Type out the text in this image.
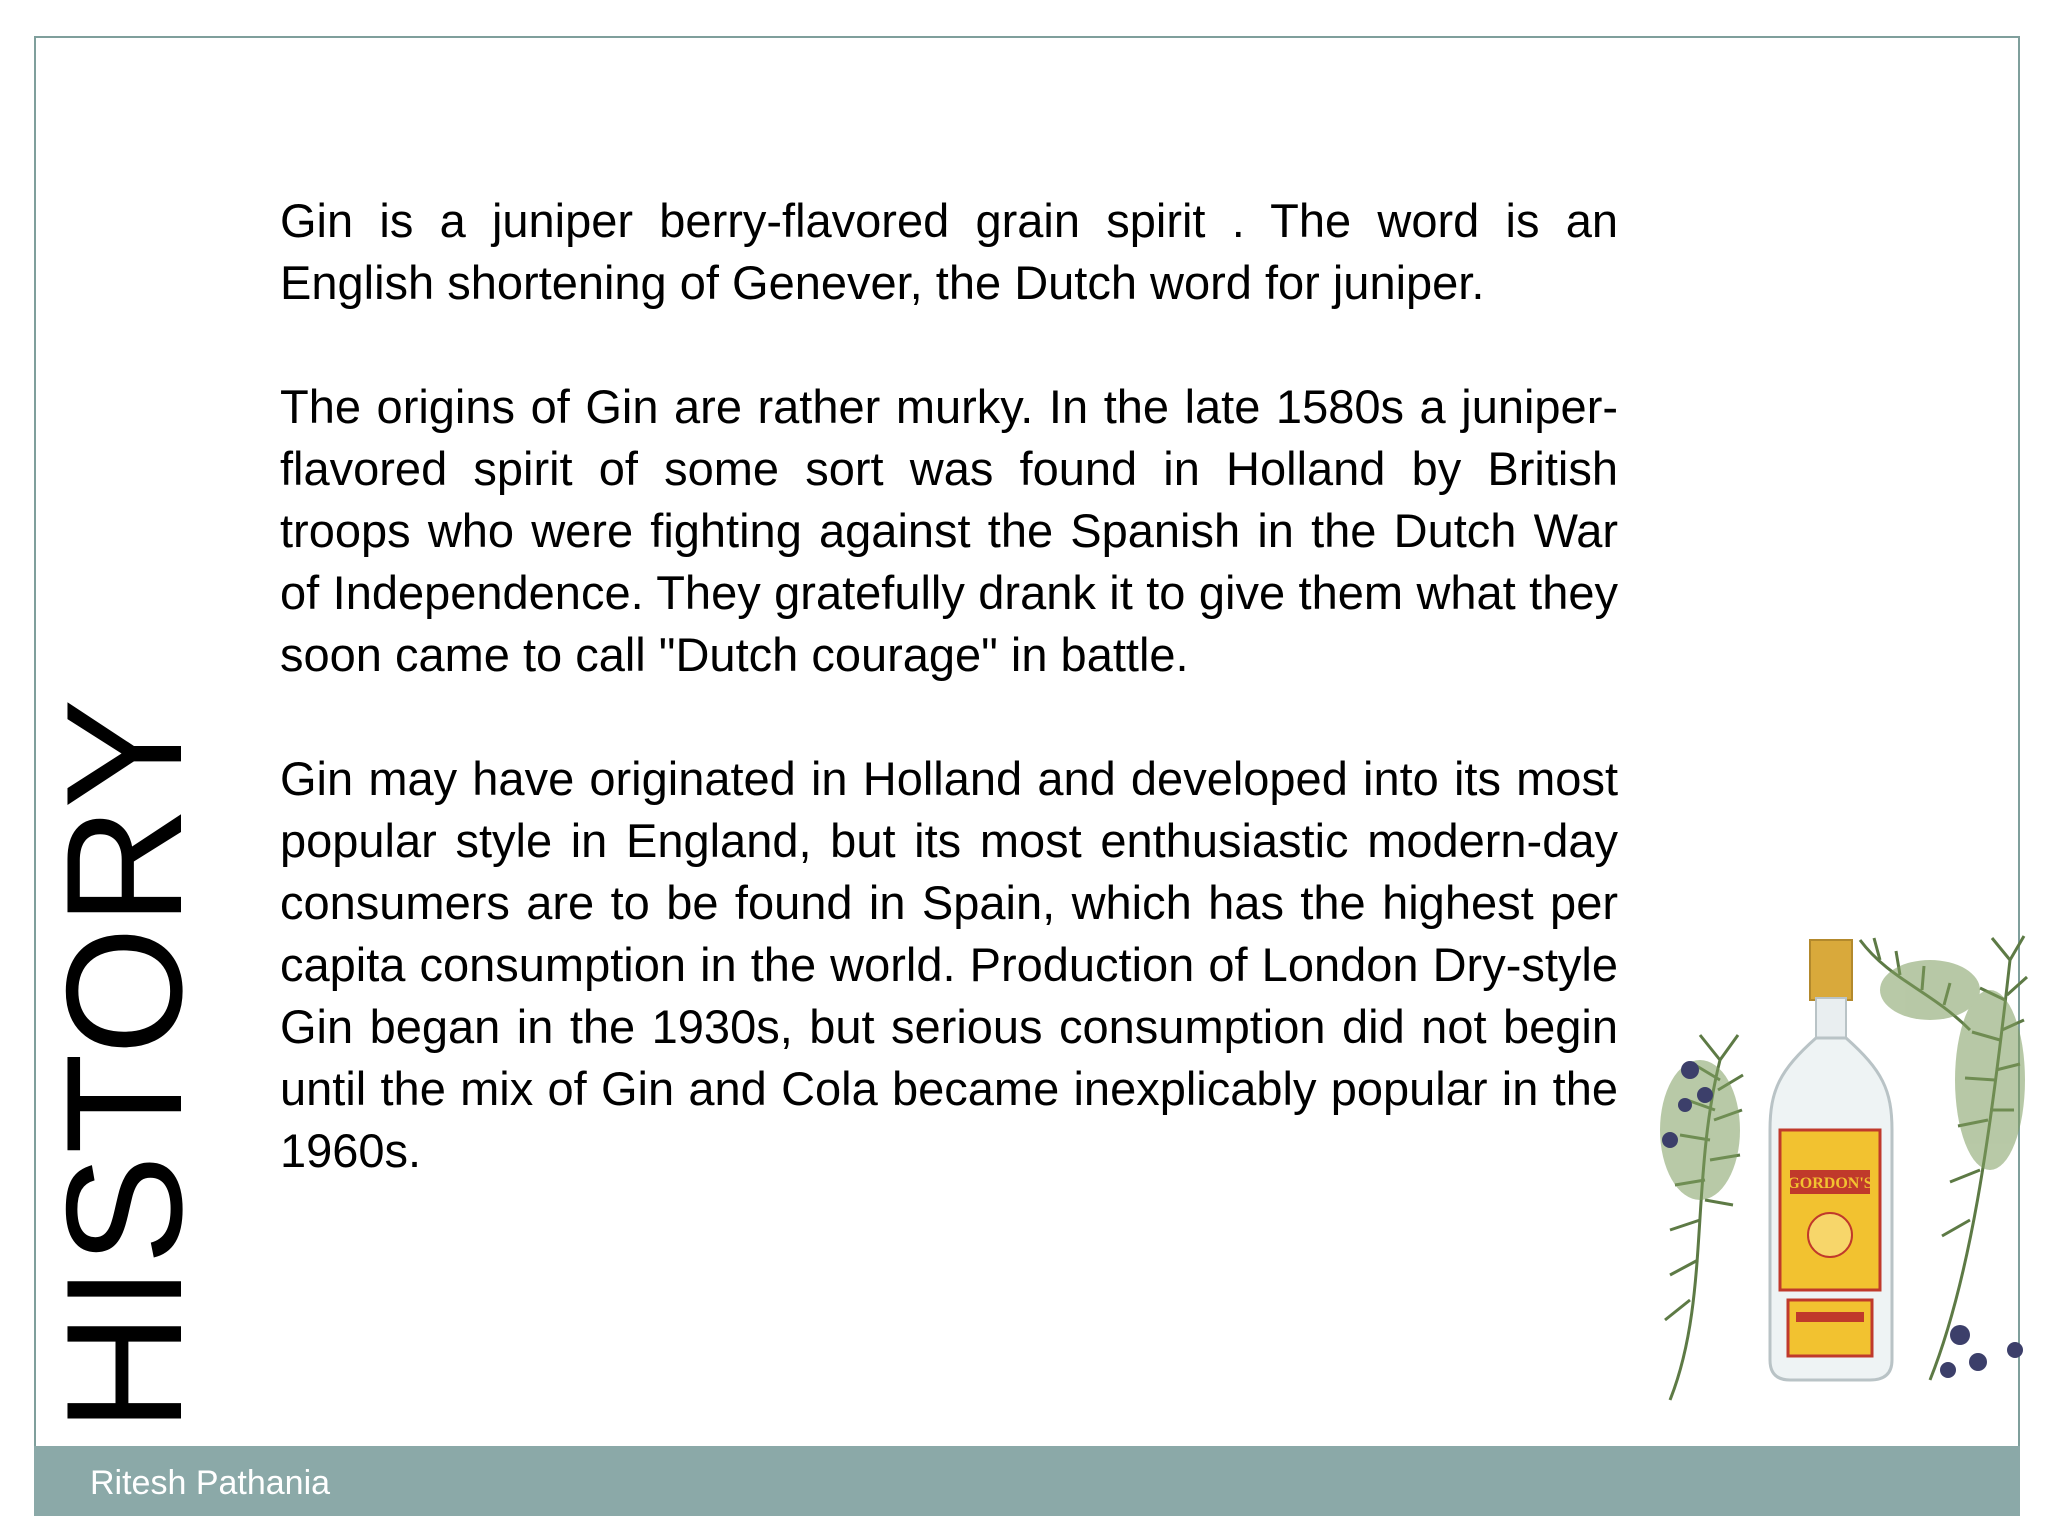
HISTORY

Gin is a juniper berry-flavored grain spirit . The word is an English shortening of Genever, the Dutch word for juniper.

The origins of Gin are rather murky. In the late 1580s a juniper-flavored spirit of some sort was found in Holland by British troops who were fighting against the Spanish in the Dutch War of Independence. They gratefully drank it to give them what they soon came to call "Dutch courage" in battle.

Gin may have originated in Holland and developed into its most popular style in England, but its most enthusiastic modern-day consumers are to be found in Spain, which has the highest per capita consumption in the world. Production of London Dry-style Gin began in the 1930s, but serious consumption did not begin until the mix of Gin and Cola became inexplicably popular in the 1960s.

GORDON'S
Ritesh Pathania
